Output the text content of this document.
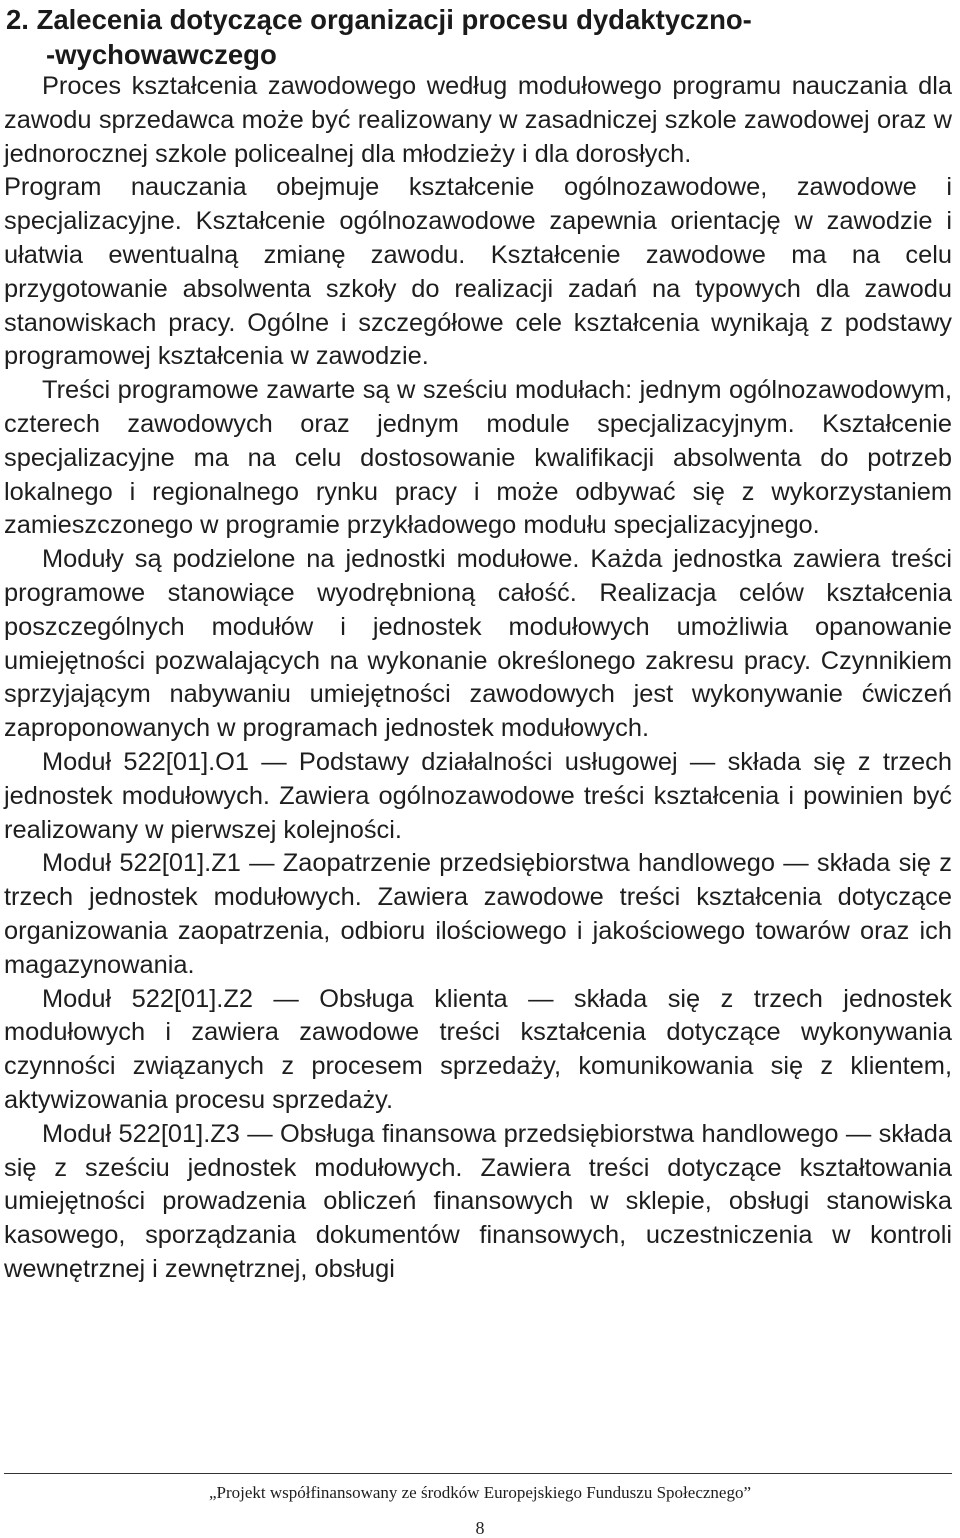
2. Zalecenia dotyczące organizacji procesu dydaktyczno-
-wychowawczego

Proces kształcenia zawodowego według modułowego programu nauczania dla zawodu sprzedawca może być realizowany w zasadniczej szkole zawodowej oraz w jednorocznej szkole policealnej dla młodzieży i dla dorosłych.

Program nauczania obejmuje kształcenie ogólnozawodowe, zawodowe i specjalizacyjne. Kształcenie ogólnozawodowe zapewnia orientację w zawodzie i ułatwia ewentualną zmianę zawodu. Kształcenie zawodowe ma na celu przygotowanie absolwenta szkoły do realizacji zadań na typowych dla zawodu stanowiskach pracy. Ogólne i szczegółowe cele kształcenia wynikają z podstawy programowej kształcenia w zawodzie.

Treści programowe zawarte są w sześciu modułach: jednym ogólnozawodowym, czterech zawodowych oraz jednym module specjalizacyjnym. Kształcenie specjalizacyjne ma na celu dostosowanie kwalifikacji absolwenta do potrzeb lokalnego i regionalnego rynku pracy i może odbywać się z wykorzystaniem zamieszczonego w programie przykładowego modułu specjalizacyjnego.

Moduły są podzielone na jednostki modułowe. Każda jednostka zawiera treści programowe stanowiące wyodrębnioną całość. Realizacja celów kształcenia poszczególnych modułów i jednostek modułowych umożliwia opanowanie umiejętności pozwalających na wykonanie określonego zakresu pracy. Czynnikiem sprzyjającym nabywaniu umiejętności zawodowych jest wykonywanie ćwiczeń zaproponowanych w programach jednostek modułowych.

Moduł 522[01].O1 — Podstawy działalności usługowej — składa się z trzech jednostek modułowych. Zawiera ogólnozawodowe treści kształcenia i powinien być realizowany w pierwszej kolejności.

Moduł 522[01].Z1 — Zaopatrzenie przedsiębiorstwa handlowego — składa się z trzech jednostek modułowych. Zawiera zawodowe treści kształcenia dotyczące organizowania zaopatrzenia, odbioru ilościowego i jakościowego towarów oraz ich magazynowania.

Moduł 522[01].Z2 — Obsługa klienta — składa się z trzech jednostek modułowych i zawiera zawodowe treści kształcenia dotyczące wykonywania czynności związanych z procesem sprzedaży, komunikowania się z klientem, aktywizowania procesu sprzedaży.

Moduł 522[01].Z3 — Obsługa finansowa przedsiębiorstwa handlowego — składa się z sześciu jednostek modułowych. Zawiera treści dotyczące kształtowania umiejętności prowadzenia obliczeń finansowych w sklepie, obsługi stanowiska kasowego, sporządzania dokumentów finansowych, uczestniczenia w kontroli wewnętrznej i zewnętrznej, obsługi

„Projekt współfinansowany ze środków Europejskiego Funduszu Społecznego”
8
